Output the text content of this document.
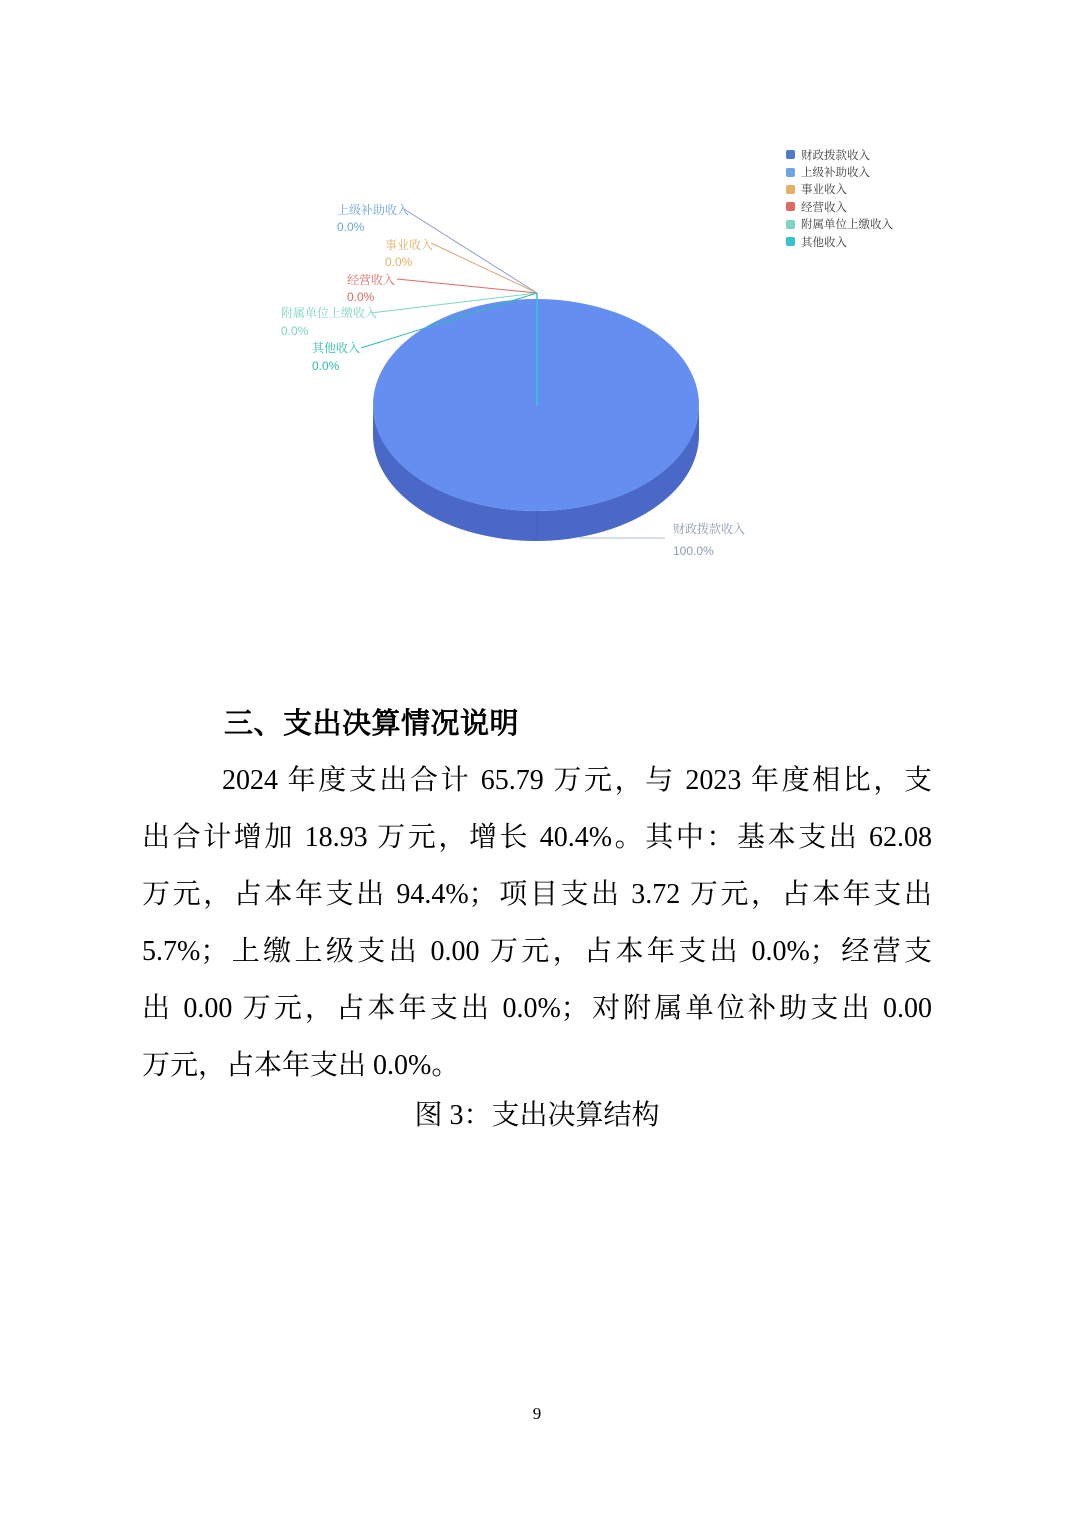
上级补助收入
0.0%
事业收入
0.0%
经营收入
0.0%
附属单位上缴收入
0.0%
其他收入
0.0%
财政拨款收入
100.0%
财政拨款收入
上级补助收入
事业收入
经营收入
附属单位上缴收入
其他收入
三、支出决算情况说明
2024 年度支出合计 65.79 万元，与 2023 年度相比，支
出合计增加 18.93 万元，增长 40.4%。其中：基本支出 62.08
万元，占本年支出 94.4%；项目支出 3.72 万元，占本年支出
5.7%；上缴上级支出 0.00 万元，占本年支出 0.0%；经营支
出 0.00 万元，占本年支出 0.0%；对附属单位补助支出 0.00
万元，占本年支出 0.0%。
图 3：支出决算结构
9
